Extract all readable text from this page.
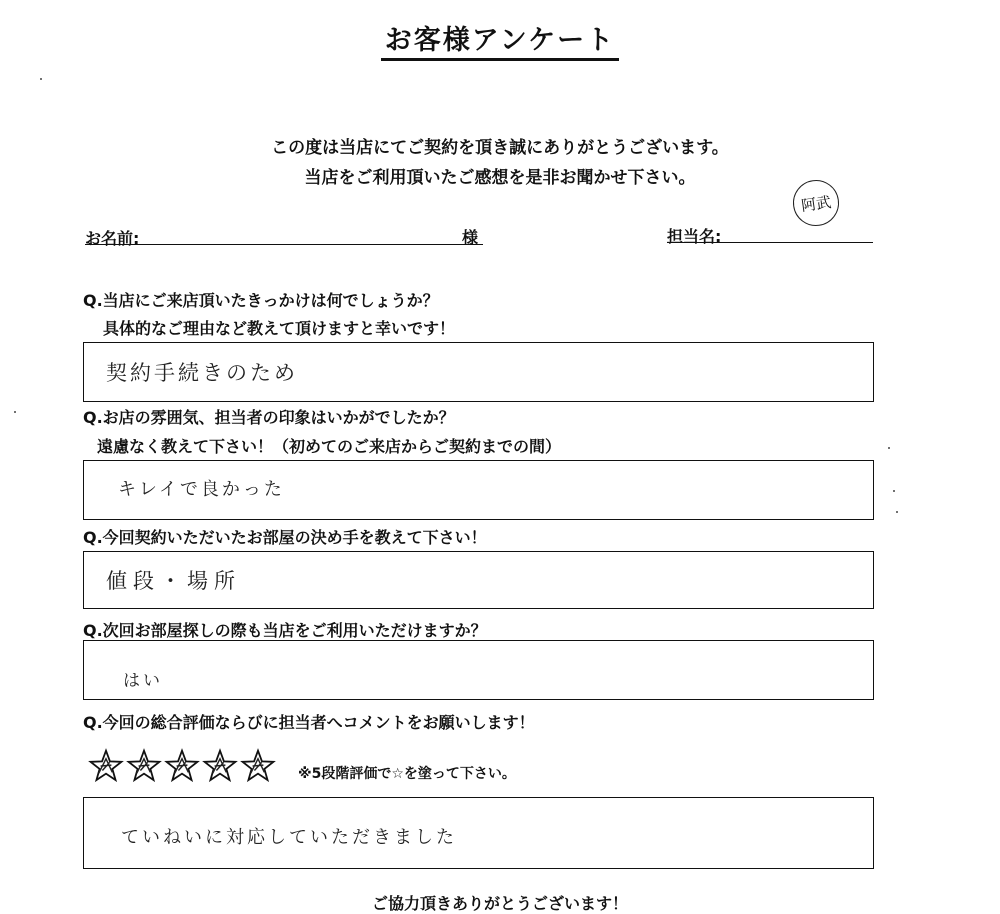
お客様アンケート
この度は当店にてご契約を頂き誠にありがとうございます。
当店をご利用頂いたご感想を是非お聞かせ下さい。
阿武
お名前:	様	担当名:
Q.当店にご来店頂いたきっかけは何でしょうか？
具体的なご理由など教えて頂けますと幸いです！
契約手続きのため
Q.お店の雰囲気、担当者の印象はいかがでしたか？
遠慮なく教えて下さい！（初めてのご来店からご契約までの間）
キレイで良かった
Q.今回契約いただいたお部屋の決め手を教えて下さい！
値段・場所
Q.次回お部屋探しの際も当店をご利用いただけますか？
はい
Q.今回の総合評価ならびに担当者へコメントをお願いします！
※5段階評価で☆を塗って下さい。
ていねいに対応していただきました
ご協力頂きありがとうございます！
